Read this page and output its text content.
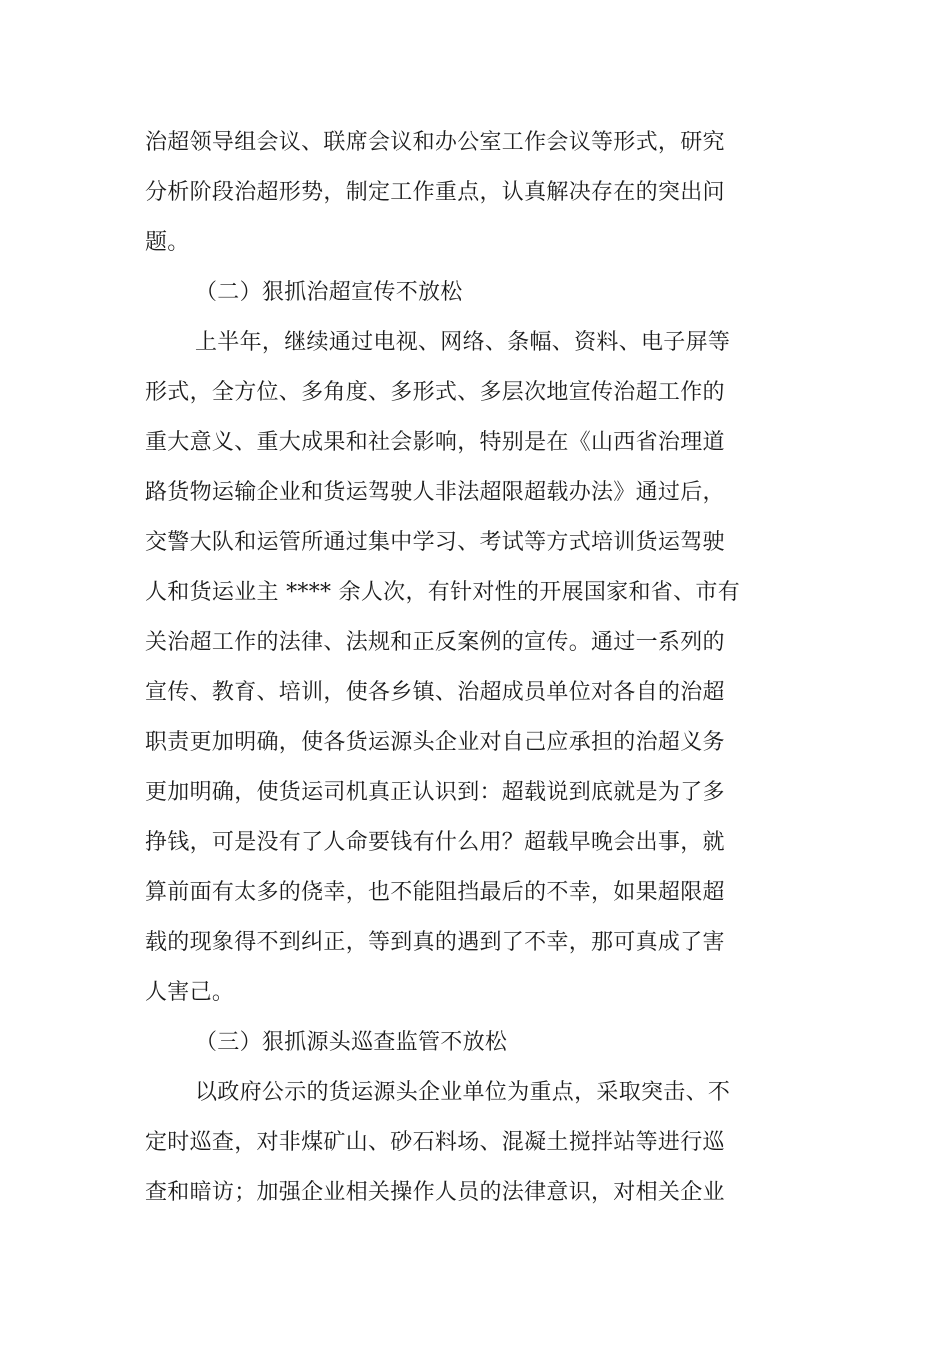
治超领导组会议、联席会议和办公室工作会议等形式，研究
分析阶段治超形势，制定工作重点，认真解决存在的突出问
题。
（二）狠抓治超宣传不放松
上半年，继续通过电视、网络、条幅、资料、电子屏等
形式，全方位、多角度、多形式、多层次地宣传治超工作的
重大意义、重大成果和社会影响，特别是在《山西省治理道
路货物运输企业和货运驾驶人非法超限超载办法》通过后，
交警大队和运管所通过集中学习、考试等方式培训货运驾驶
人和货运业主 **** 余人次，有针对性的开展国家和省、市有
关治超工作的法律、法规和正反案例的宣传。通过一系列的
宣传、教育、培训，使各乡镇、治超成员单位对各自的治超
职责更加明确，使各货运源头企业对自己应承担的治超义务
更加明确，使货运司机真正认识到：超载说到底就是为了多
挣钱，可是没有了人命要钱有什么用？超载早晚会出事，就
算前面有太多的侥幸，也不能阻挡最后的不幸，如果超限超
载的现象得不到纠正，等到真的遇到了不幸，那可真成了害
人害己。
（三）狠抓源头巡查监管不放松
以政府公示的货运源头企业单位为重点，采取突击、不
定时巡查，对非煤矿山、砂石料场、混凝土搅拌站等进行巡
查和暗访；加强企业相关操作人员的法律意识，对相关企业
